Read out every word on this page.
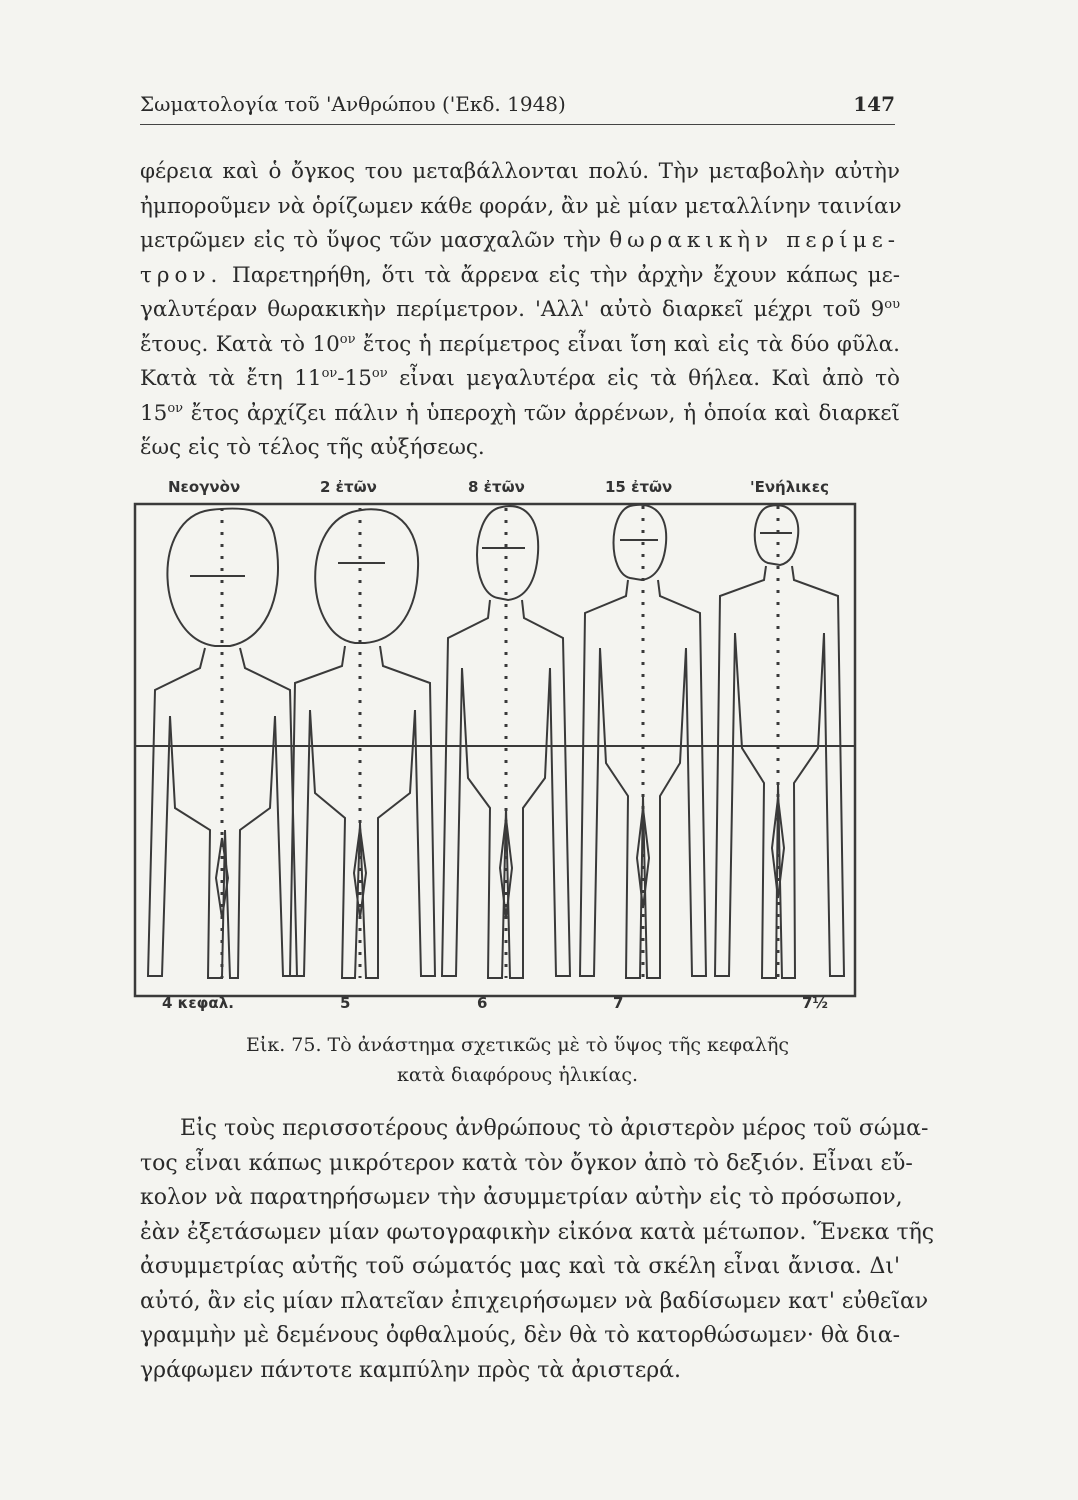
Σωματολογία τοῦ 'Ανθρώπου ('Εκδ. 1948)	147
φέρεια καὶ ὁ ὄγκος του μεταβάλλονται πολύ. Τὴν μεταβολὴν αὐτὴν
ἠμποροῦμεν νὰ ὁρίζωμεν κάθε φοράν, ἂν μὲ μίαν μεταλλίνην ταινίαν
μετρῶμεν εἰς τὸ ὕψος τῶν μασχαλῶν τὴν θωρακικὴν περίμε-
τρον. Παρετηρήθη, ὅτι τὰ ἄρρενα εἰς τὴν ἀρχὴν ἔχουν κάπως με-
γαλυτέραν θωρακικὴν περίμετρον. 'Αλλ' αὐτὸ διαρκεῖ μέχρι τοῦ $9^{o\upsilon}$
ἔτους. Κατὰ τὸ $10^{o\nu}$ ἔτος ἡ περίμετρος εἶναι ἴση καὶ εἰς τὰ δύο φῦλα.
Κατὰ τὰ ἔτη $11^{o\nu}-15^{o\nu}$ εἶναι μεγαλυτέρα εἰς τὰ θήλεα. Καὶ ἀπὸ τὸ
$15^{o\nu}$ ἔτος ἀρχίζει πάλιν ἡ ὑπεροχὴ τῶν ἀρρένων, ἡ ὁποία καὶ διαρκεῖ
ἕως εἰς τὸ τέλος τῆς αὐξήσεως.
Νεογνὸν	2 ἐτῶν	8 ἐτῶν	15 ἐτῶν	'Ενήλικες
4 κεφαλ.	5	6	7	7½
Εἰκ. 75. Τὸ ἀνάστημα σχετικῶς μὲ τὸ ὕψος τῆς κεφαλῆς
κατὰ διαφόρους ἡλικίας.
Εἰς τοὺς περισσοτέρους ἀνθρώπους τὸ ἀριστερὸν μέρος τοῦ σώμα-
τος εἶναι κάπως μικρότερον κατὰ τὸν ὄγκον ἀπὸ τὸ δεξιόν. Εἶναι εὔ-
κολον νὰ παρατηρήσωμεν τὴν ἀσυμμετρίαν αὐτὴν εἰς τὸ πρόσωπον,
ἐὰν ἐξετάσωμεν μίαν φωτογραφικὴν εἰκόνα κατὰ μέτωπον. Ἕνεκα τῆς
ἀσυμμετρίας αὐτῆς τοῦ σώματός μας καὶ τὰ σκέλη εἶναι ἄνισα. Δι'
αὐτό, ἂν εἰς μίαν πλατεῖαν ἐπιχειρήσωμεν νὰ βαδίσωμεν κατ' εὐθεῖαν
γραμμὴν μὲ δεμένους ὀφθαλμούς, δὲν θὰ τὸ κατορθώσωμεν· θὰ δια-
γράφωμεν πάντοτε καμπύλην πρὸς τὰ ἀριστερά.
